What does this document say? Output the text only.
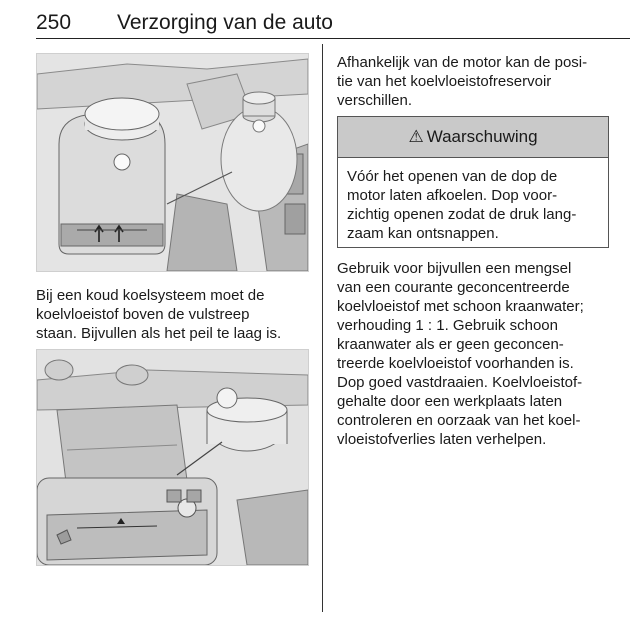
250 Verzorging van de auto

Bij een koud koelsysteem moet de
koelvloeistof boven de vulstreep
staan. Bijvullen als het peil te laag is.

Afhankelijk van de motor kan de posi-
tie van het koelvloeistofreservoir
verschillen.

⚠ Waarschuwing
Vóór het openen van de dop de
motor laten afkoelen. Dop voor-
zichtig openen zodat de druk lang-
zaam kan ontsnappen.

Gebruik voor bijvullen een mengsel
van een courante geconcentreerde
koelvloeistof met schoon kraanwater;
verhouding 1 : 1. Gebruik schoon
kraanwater als er geen geconcen-
treerde koelvloeistof voorhanden is.
Dop goed vastdraaien. Koelvloeistof-
gehalte door een werkplaats laten
controleren en oorzaak van het koel-
vloeistofverlies laten verhelpen.
